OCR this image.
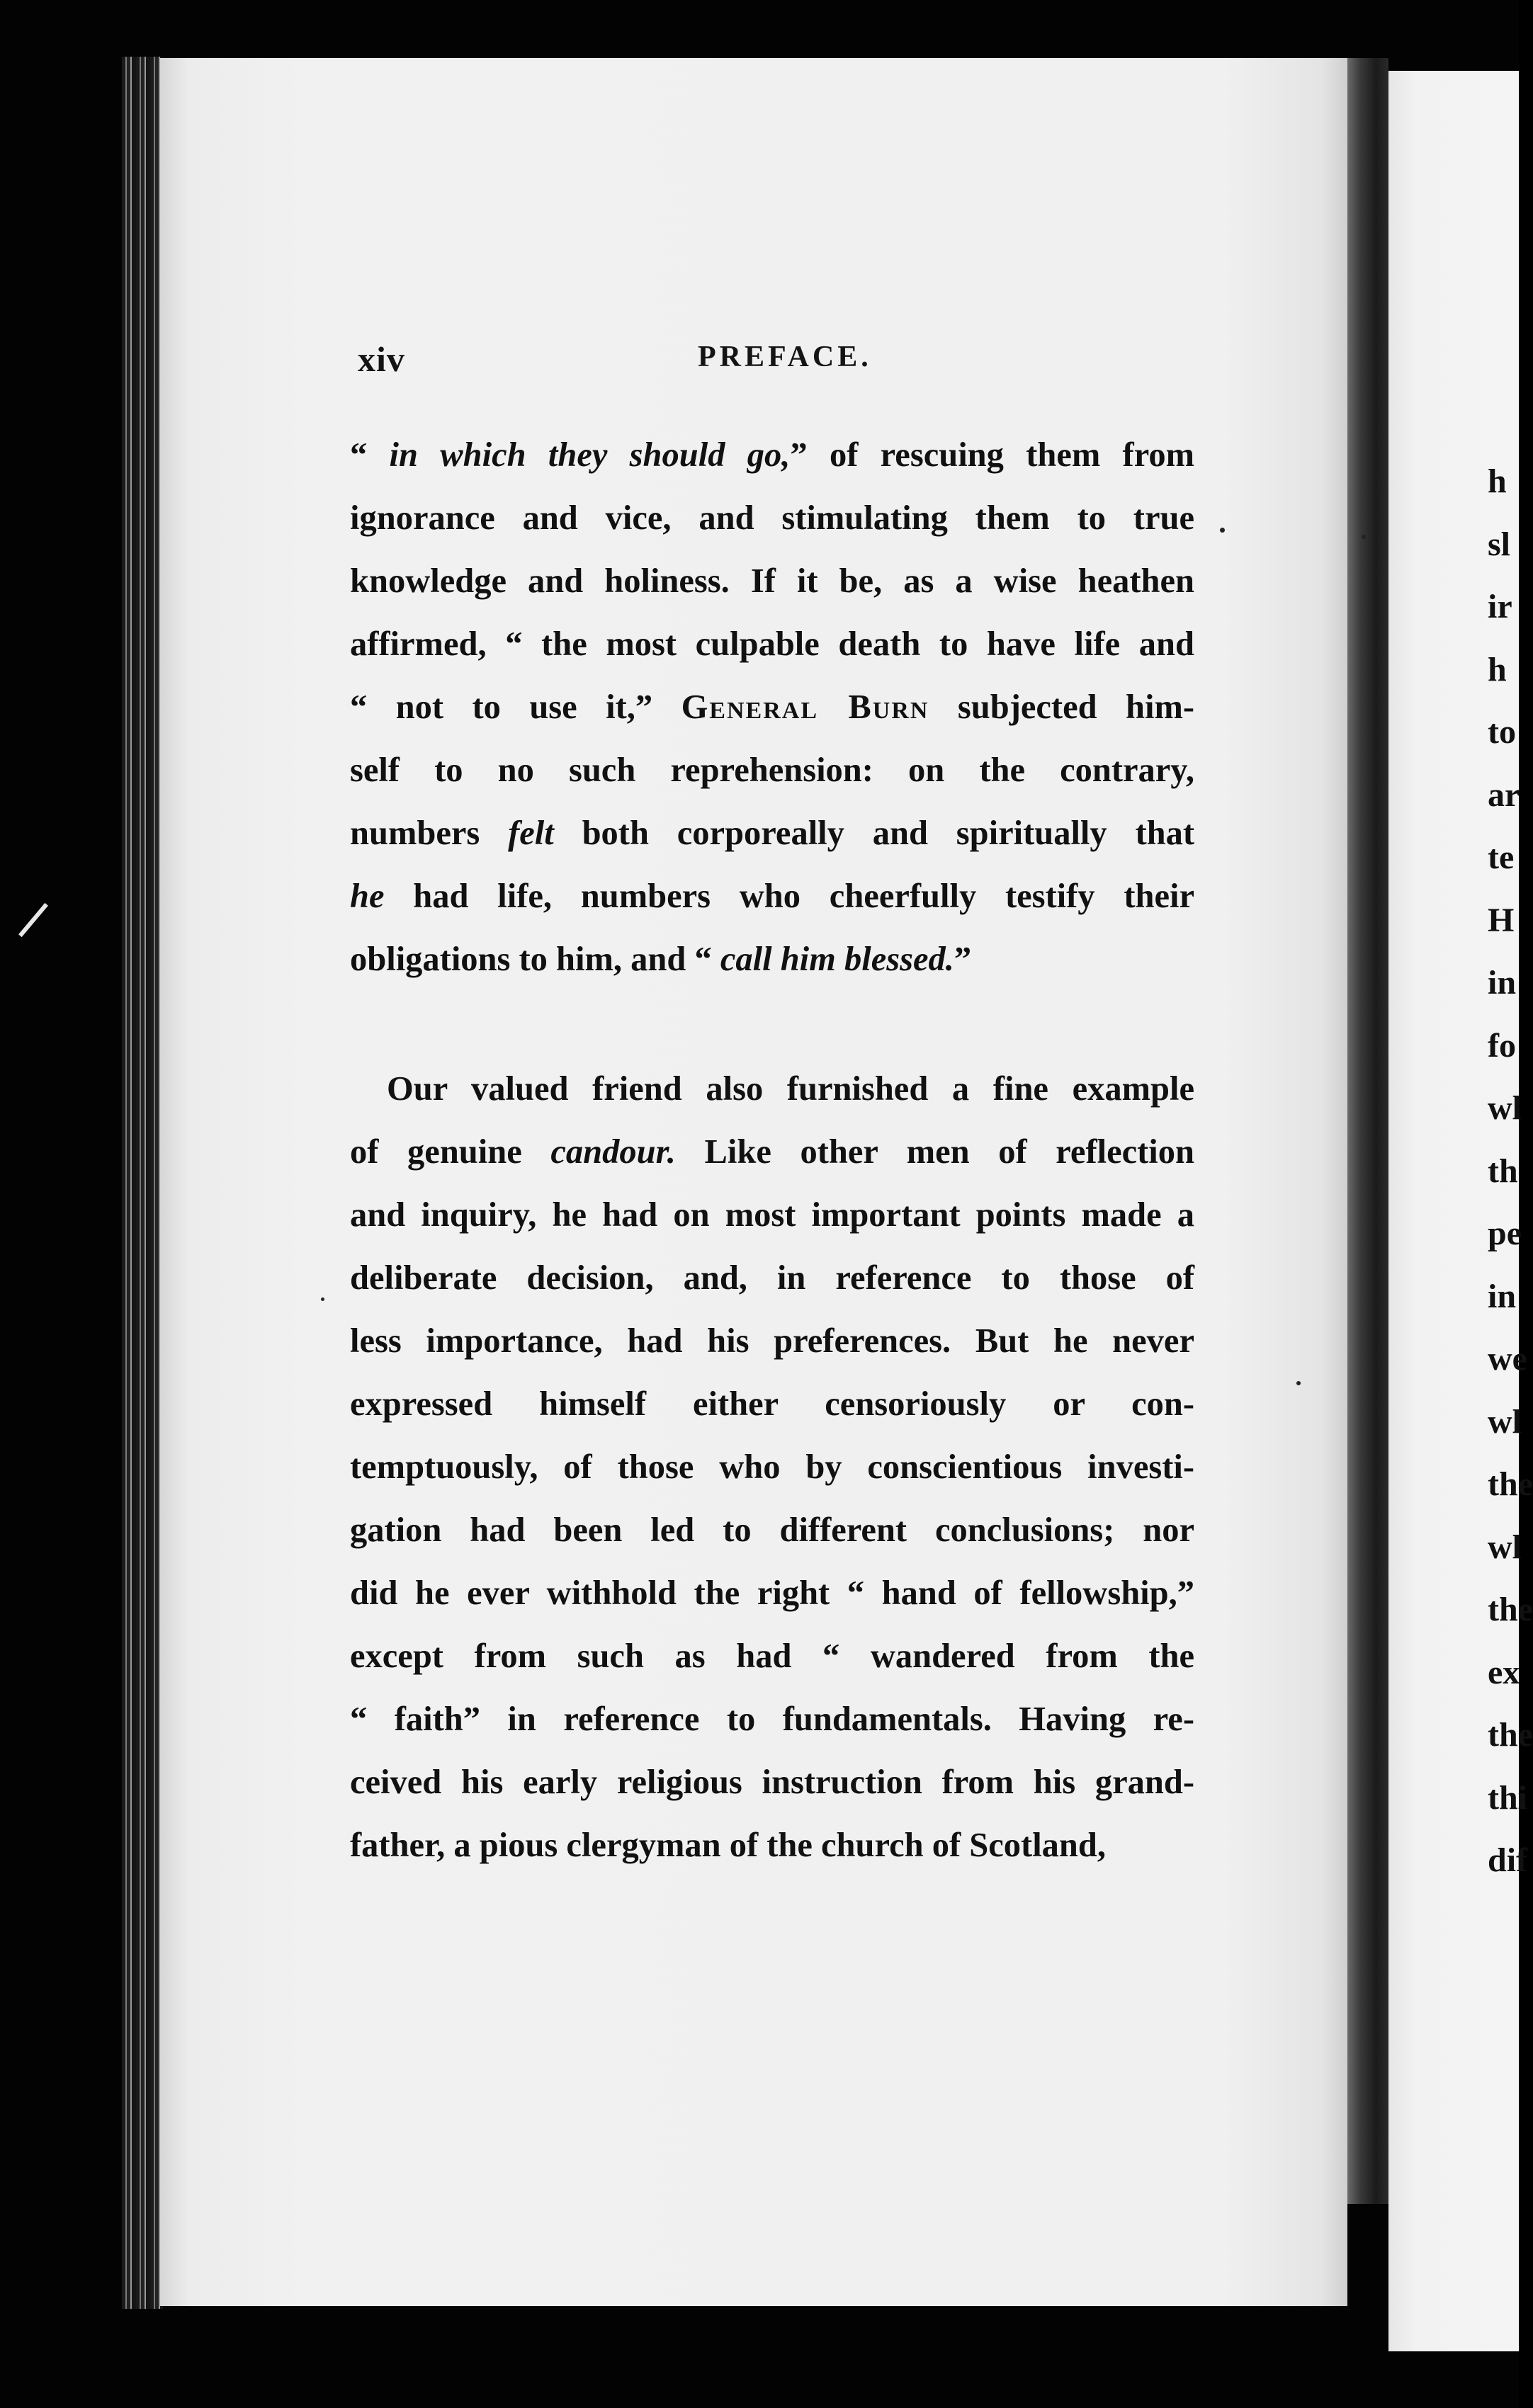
xiv	PREFACE.
“ in which they should go,” of rescuing them from
ignorance and vice, and stimulating them to true
knowledge and holiness. If it be, as a wise heathen
affirmed, “ the most culpable death to have life and
“ not to use it,” General Burn subjected him-
self to no such reprehension: on the contrary,
numbers felt both corporeally and spiritually that
he had life, numbers who cheerfully testify their
obligations to him, and “ call him blessed.”
Our valued friend also furnished a fine example
of genuine candour. Like other men of reflection
and inquiry, he had on most important points made a
deliberate decision, and, in reference to those of
less importance, had his preferences. But he never
expressed himself either censoriously or con-
temptuously, of those who by conscientious investi-
gation had been led to different conclusions; nor
did he ever withhold the right “ hand of fellowship,”
except from such as had “ wandered from the
“ faith” in reference to fundamentals. Having re-
ceived his early religious instruction from his grand-
father, a pious clergyman of the church of Scotland,
h
sl
ir
h
to
ar
te
H
in
fo
wl
th
pe
in
we
wl
the
wl
the
ex
the
thi
dif
